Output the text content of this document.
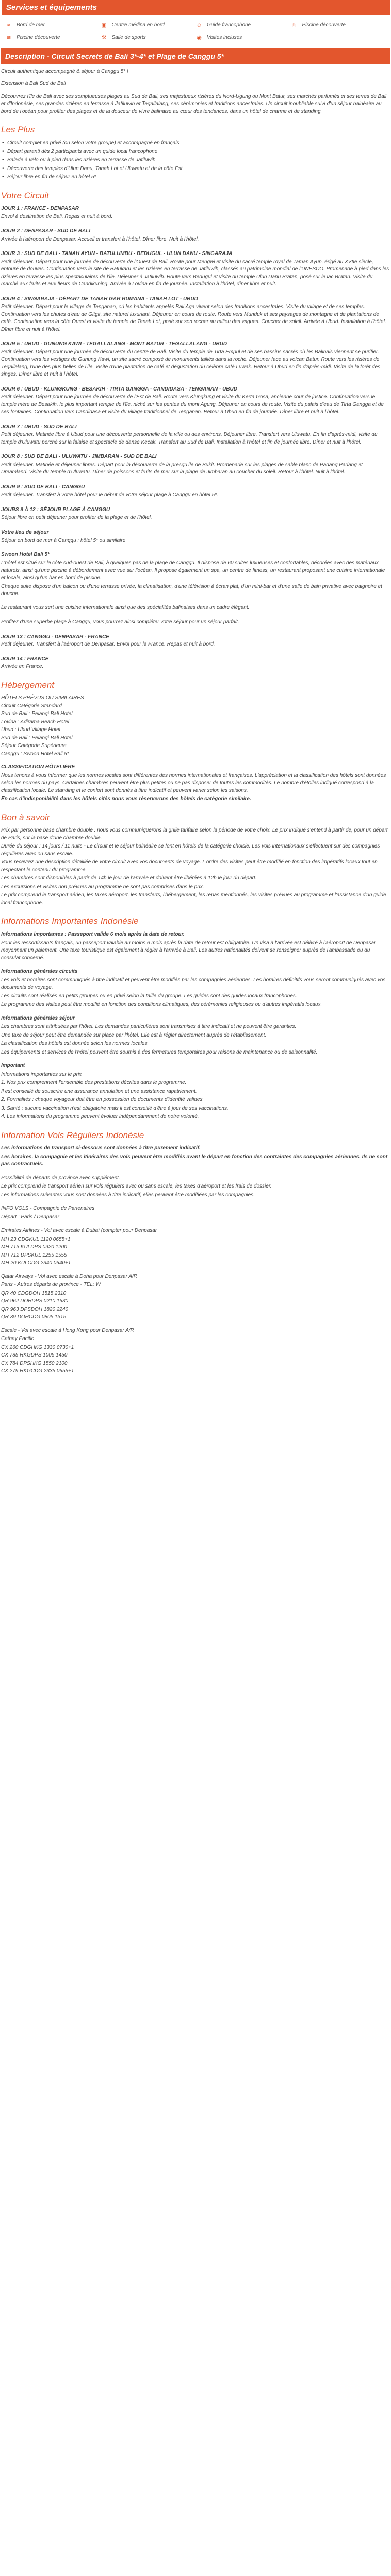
Services et équipements
≈	Bord de mer	▣ Centre médina en bord	☺ Guide francophone	≋ Piscine découverte
≋ Piscine découverte	⚒ Salle de sports	◉ Visites incluses
Description - Circuit Secrets de Bali 3*-4* et Plage de Canggu 5*

Circuit authentique accompagné & séjour à Canggu 5* !

Extension à Bali Sud de Bali

Découvrez l'île de Bali avec ses somptueuses plages au Sud de Bali, ses majestueux rizières du Nord-Ugung ou Mont Batur, ses marchés parfumés et ses terres de Bali et d'Indonésie, ses grandes rizières en terrasse à Jatiluwih et Tegallalang, ses cérémonies et traditions ancestrales. Un circuit inoubliable suivi d'un séjour balnéaire au bord de l'océan pour profiter des plages et de la douceur de vivre balinaise au cœur des tendances, dans un hôtel de charme et de standing.

Les Plus
• Circuit complet en privé (ou selon votre groupe) et accompagné en français
• Départ garanti dès 2 participants avec un guide local francophone
• Balade à vélo ou à pied dans les rizières en terrasse de Jatiluwih
• Découverte des temples d'Ulun Danu, Tanah Lot et Uluwatu et de la côte Est
• Séjour libre en fin de séjour en hôtel 5*
Votre Circuit

JOUR 1 : FRANCE - DENPASAR

Envol à destination de Bali. Repas et nuit à bord.

JOUR 2 : DENPASAR - SUD DE BALI

Arrivée à l'aéroport de Denpasar. Accueil et transfert à l'hôtel. Dîner libre. Nuit à l'hôtel.

JOUR 3 : SUD DE BALI - TANAH AYUN - BATULUMBU - BEDUGUL - ULUN DANU - SINGARAJA

Petit déjeuner. Départ pour une journée de découverte de l'Ouest de Bali. Route pour Mengwi et visite du sacré temple royal de Taman Ayun, érigé au XVIIe siècle, entouré de douves. Continuation vers le site de Batukaru et les rizières en terrasse de Jatiluwih, classés au patrimoine mondial de l'UNESCO. Promenade à pied dans les rizières en terrasse les plus spectaculaires de l'île. Déjeuner à Jatiluwih. Route vers Bedugul et visite du temple Ulun Danu Bratan, posé sur le lac Bratan. Visite du marché aux fruits et aux fleurs de Candikuning. Arrivée à Lovina en fin de journée. Installation à l'hôtel, dîner libre et nuit.

JOUR 4 : SINGARAJA - DÉPART DE TANAH GAR RUMANA - TANAH LOT - UBUD

Petit déjeuner. Départ pour le village de Tenganan, où les habitants appelés Bali Aga vivent selon des traditions ancestrales. Visite du village et de ses temples. Continuation vers les chutes d'eau de Gitgit, site naturel luxuriant. Déjeuner en cours de route. Route vers Munduk et ses paysages de montagne et de plantations de café. Continuation vers la côte Ouest et visite du temple de Tanah Lot, posé sur son rocher au milieu des vagues. Coucher de soleil. Arrivée à Ubud. Installation à l'hôtel. Dîner libre et nuit à l'hôtel.

JOUR 5 : UBUD - GUNUNG KAWI - TEGALLALANG - MONT BATUR - TEGALLALANG - UBUD

Petit déjeuner. Départ pour une journée de découverte du centre de Bali. Visite du temple de Tirta Empul et de ses bassins sacrés où les Balinais viennent se purifier. Continuation vers les vestiges de Gunung Kawi, un site sacré composé de monuments taillés dans la roche. Déjeuner face au volcan Batur. Route vers les rizières de Tegallalang, l'une des plus belles de l'île. Visite d'une plantation de café et dégustation du célèbre café Luwak. Retour à Ubud en fin d'après-midi. Visite de la forêt des singes. Dîner libre et nuit à l'hôtel.

JOUR 6 : UBUD - KLUNGKUNG - BESAKIH - TIRTA GANGGA - CANDIDASA - TENGANAN - UBUD

Petit déjeuner. Départ pour une journée de découverte de l'Est de Bali. Route vers Klungkung et visite du Kerta Gosa, ancienne cour de justice. Continuation vers le temple mère de Besakih, le plus important temple de l'île, niché sur les pentes du mont Agung. Déjeuner en cours de route. Visite du palais d'eau de Tirta Gangga et de ses fontaines. Continuation vers Candidasa et visite du village traditionnel de Tenganan. Retour à Ubud en fin de journée. Dîner libre et nuit à l'hôtel.

JOUR 7 : UBUD - SUD DE BALI

Petit déjeuner. Matinée libre à Ubud pour une découverte personnelle de la ville ou des environs. Déjeuner libre. Transfert vers Uluwatu. En fin d'après-midi, visite du temple d'Uluwatu perché sur la falaise et spectacle de danse Kecak. Transfert au Sud de Bali. Installation à l'hôtel et fin de journée libre. Dîner et nuit à l'hôtel.

JOUR 8 : SUD DE BALI - ULUWATU - JIMBARAN - SUD DE BALI

Petit déjeuner. Matinée et déjeuner libres. Départ pour la découverte de la presqu'île de Bukit. Promenade sur les plages de sable blanc de Padang Padang et Dreamland. Visite du temple d'Uluwatu. Dîner de poissons et fruits de mer sur la plage de Jimbaran au coucher du soleil. Retour à l'hôtel. Nuit à l'hôtel.

JOUR 9 : SUD DE BALI - CANGGU

Petit déjeuner. Transfert à votre hôtel pour le début de votre séjour plage à Canggu en hôtel 5*.

JOURS 9 À 12 : SÉJOUR PLAGE À CANGGU

Séjour libre en petit déjeuner pour profiter de la plage et de l'hôtel.

Votre lieu de séjour

Séjour en bord de mer à Canggu : hôtel 5* ou similaire

Swoon Hotel Bali 5*

L'hôtel est situé sur la côte sud-ouest de Bali, à quelques pas de la plage de Canggu. Il dispose de 60 suites luxueuses et confortables, décorées avec des matériaux naturels, ainsi qu'une piscine à débordement avec vue sur l'océan. Il propose également un spa, un centre de fitness, un restaurant proposant une cuisine internationale et locale, ainsi qu'un bar en bord de piscine.

Chaque suite dispose d'un balcon ou d'une terrasse privée, la climatisation, d'une télévision à écran plat, d'un mini-bar et d'une salle de bain privative avec baignoire et douche.

Le restaurant vous sert une cuisine internationale ainsi que des spécialités balinaises dans un cadre élégant.

Profitez d'une superbe plage à Canggu, vous pourrez ainsi compléter votre séjour pour un séjour parfait.

JOUR 13 : CANGGU - DENPASAR - FRANCE

Petit déjeuner. Transfert à l'aéroport de Denpasar. Envol pour la France. Repas et nuit à bord.

JOUR 14 : FRANCE

Arrivée en France.

Hébergement

HÔTELS PRÉVUS OU SIMILAIRES

Circuit Catégorie Standard

Sud de Bali : Pelangi Bali Hotel

Lovina : Adirama Beach Hotel

Ubud : Ubud Village Hotel

Sud de Bali : Pelangi Bali Hotel

Séjour Catégorie Supérieure

Canggu : Swoon Hotel Bali 5*

CLASSIFICATION HÔTELIÈRE

Nous tenons à vous informer que les normes locales sont différentes des normes internationales et françaises. L'appréciation et la classification des hôtels sont données selon les normes du pays. Certaines chambres peuvent être plus petites ou ne pas disposer de toutes les commodités. Le nombre d'étoiles indiqué correspond à la classification locale. Le standing et le confort sont donnés à titre indicatif et peuvent varier selon les saisons.

En cas d'indisponibilité dans les hôtels cités nous vous réserverons des hôtels de catégorie similaire.

Bon à savoir

Prix par personne base chambre double : nous vous communiquerons la grille tarifaire selon la période de votre choix. Le prix indiqué s'entend à partir de, pour un départ de Paris, sur la base d'une chambre double.

Durée du séjour : 14 jours / 11 nuits - Le circuit et le séjour balnéaire se font en hôtels de la catégorie choisie. Les vols internationaux s'effectuent sur des compagnies régulières avec ou sans escale.

Vous recevrez une description détaillée de votre circuit avec vos documents de voyage. L'ordre des visites peut être modifié en fonction des impératifs locaux tout en respectant le contenu du programme.

Les chambres sont disponibles à partir de 14h le jour de l'arrivée et doivent être libérées à 12h le jour du départ.

Les excursions et visites non prévues au programme ne sont pas comprises dans le prix.

Le prix comprend le transport aérien, les taxes aéroport, les transferts, l'hébergement, les repas mentionnés, les visites prévues au programme et l'assistance d'un guide local francophone.

Informations Importantes Indonésie

Informations importantes : Passeport valide 6 mois après la date de retour.

Pour les ressortissants français, un passeport valable au moins 6 mois après la date de retour est obligatoire. Un visa à l'arrivée est délivré à l'aéroport de Denpasar moyennant un paiement. Une taxe touristique est également à régler à l'arrivée à Bali. Les autres nationalités doivent se renseigner auprès de l'ambassade ou du consulat concerné.

Informations générales circuits

Les vols et horaires sont communiqués à titre indicatif et peuvent être modifiés par les compagnies aériennes. Les horaires définitifs vous seront communiqués avec vos documents de voyage.

Les circuits sont réalisés en petits groupes ou en privé selon la taille du groupe. Les guides sont des guides locaux francophones.

Le programme des visites peut être modifié en fonction des conditions climatiques, des cérémonies religieuses ou d'autres impératifs locaux.

Informations générales séjour

Les chambres sont attribuées par l'hôtel. Les demandes particulières sont transmises à titre indicatif et ne peuvent être garanties.

Une taxe de séjour peut être demandée sur place par l'hôtel. Elle est à régler directement auprès de l'établissement.

La classification des hôtels est donnée selon les normes locales.

Les équipements et services de l'hôtel peuvent être soumis à des fermetures temporaires pour raisons de maintenance ou de saisonnalité.

Important

Informations importantes sur le prix

1. Nos prix comprennent l'ensemble des prestations décrites dans le programme.

Il est conseillé de souscrire une assurance annulation et une assistance rapatriement.

2. Formalités : chaque voyageur doit être en possession de documents d'identité valides.

3. Santé : aucune vaccination n'est obligatoire mais il est conseillé d'être à jour de ses vaccinations.

4. Les informations du programme peuvent évoluer indépendamment de notre volonté.

Information Vols Réguliers Indonésie

Les informations de transport ci-dessous sont données à titre purement indicatif.

Les horaires, la compagnie et les itinéraires des vols peuvent être modifiés avant le départ en fonction des contraintes des compagnies aériennes. Ils ne sont pas contractuels.

Possibilité de départs de province avec supplément.

Le prix comprend le transport aérien sur vols réguliers avec ou sans escale, les taxes d'aéroport et les frais de dossier.

Les informations suivantes vous sont données à titre indicatif, elles peuvent être modifiées par les compagnies.

INFO VOLS - Compagnie de Partenaires

Départ : Paris / Denpasar

Emirates Airlines - Vol avec escale à Dubaï (compter pour Denpasar

MH 23 CDGKUL 1120 0655+1

MH 713 KULDPS 0920 1200

MH 712 DPSKUL 1255 1555

MH 20 KULCDG 2340 0640+1

Qatar Airways - Vol avec escale à Doha pour Denpasar A/R

Paris - Autres départs de province - TEL: W

QR 40 CDGDOH 1515 2310

QR 962 DOHDPS 0210 1630

QR 963 DPSDOH 1820 2240

QR 39 DOHCDG 0805 1315

Escale - Vol avec escale à Hong Kong pour Denpasar A/R

Cathay Pacific

CX 260 CDGHKG 1330 0730+1

CX 785 HKGDPS 1005 1450

CX 784 DPSHKG 1550 2100

CX 279 HKGCDG 2335 0655+1
